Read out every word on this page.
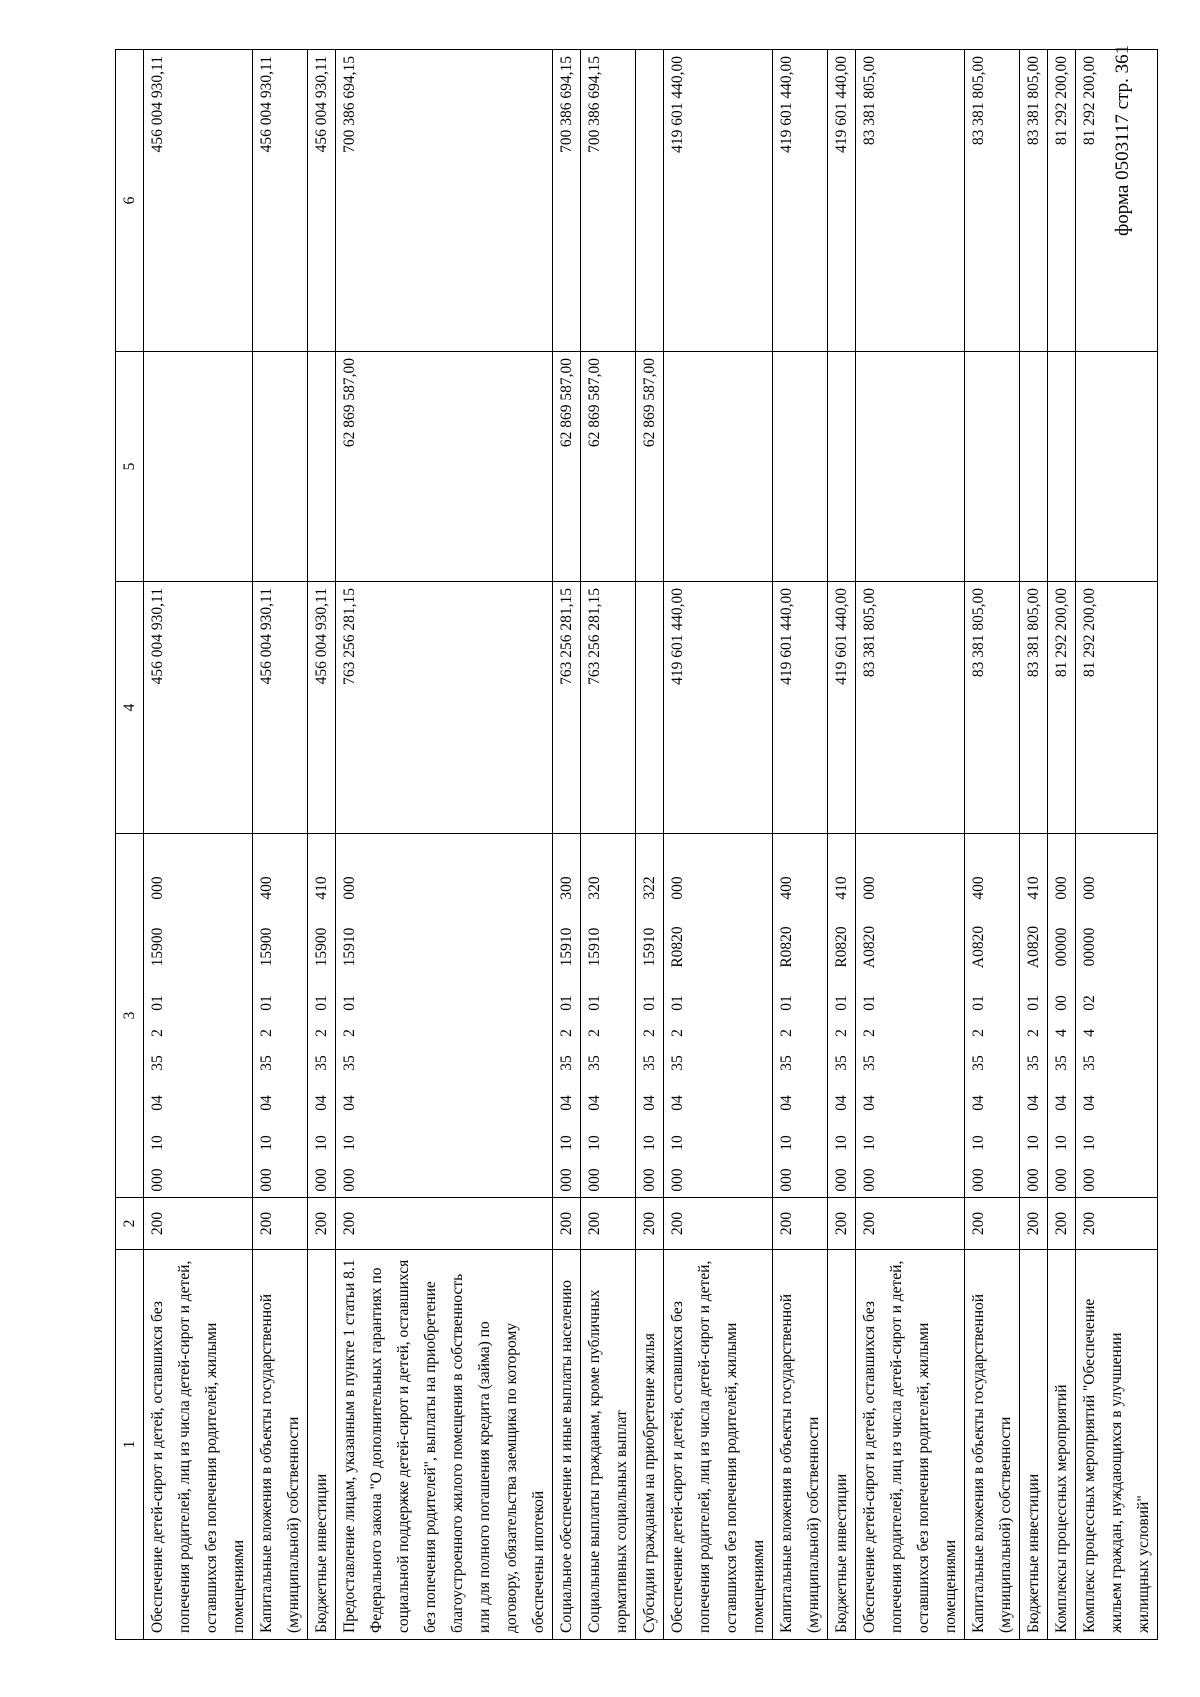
форма 0503117 стр. 361
1	2	3	4	5	6
Обеспечение детей-сирот и детей, оставшихся без попечения родителей, лиц из числа детей-сирот и детей, оставшихся без попечения родителей, жилыми помещениями	200	00010043520115900000	456 004 930,11		456 004 930,11
Капитальные вложения в объекты государственной (муниципальной) собственности	200	00010043520115900400	456 004 930,11		456 004 930,11
Бюджетные инвестиции	200	00010043520115900410	456 004 930,11		456 004 930,11
Предоставление лицам, указанным в пункте 1 статьи 8.1 Федерального закона "О дополнительных гарантиях по социальной поддержке детей-сирот и детей, оставшихся без попечения родителей", выплаты на приобретение благоустроенного жилого помещения в собственность или для полного погашения кредита (займа) по договору, обязательства заемщика по которому обеспечены ипотекой	200	00010043520115910000	763 256 281,15	62 869 587,00	700 386 694,15
Социальное обеспечение и иные выплаты населению	200	00010043520115910300	763 256 281,15	62 869 587,00	700 386 694,15
Социальные выплаты гражданам, кроме публичных нормативных социальных выплат	200	00010043520115910320	763 256 281,15	62 869 587,00	700 386 694,15
Субсидии гражданам на приобретение жилья	200	00010043520115910322		62 869 587,00	
Обеспечение детей-сирот и детей, оставшихся без попечения родителей, лиц из числа детей-сирот и детей, оставшихся без попечения родителей, жилыми помещениями	200	000100435201R0820000	419 601 440,00		419 601 440,00
Капитальные вложения в объекты государственной (муниципальной) собственности	200	000100435201R0820400	419 601 440,00		419 601 440,00
Бюджетные инвестиции	200	000100435201R0820410	419 601 440,00		419 601 440,00
Обеспечение детей-сирот и детей, оставшихся без попечения родителей, лиц из числа детей-сирот и детей, оставшихся без попечения родителей, жилыми помещениями	200	000100435201A0820000	83 381 805,00		83 381 805,00
Капитальные вложения в объекты государственной (муниципальной) собственности	200	000100435201A0820400	83 381 805,00		83 381 805,00
Бюджетные инвестиции	200	000100435201A0820410	83 381 805,00		83 381 805,00
Комплексы процессных мероприятий	200	00010043540000000000	81 292 200,00		81 292 200,00
Комплекс процессных мероприятий "Обеспечение жильем граждан, нуждающихся в улучшении жилищных условий"	200	00010043540200000000	81 292 200,00		81 292 200,00
